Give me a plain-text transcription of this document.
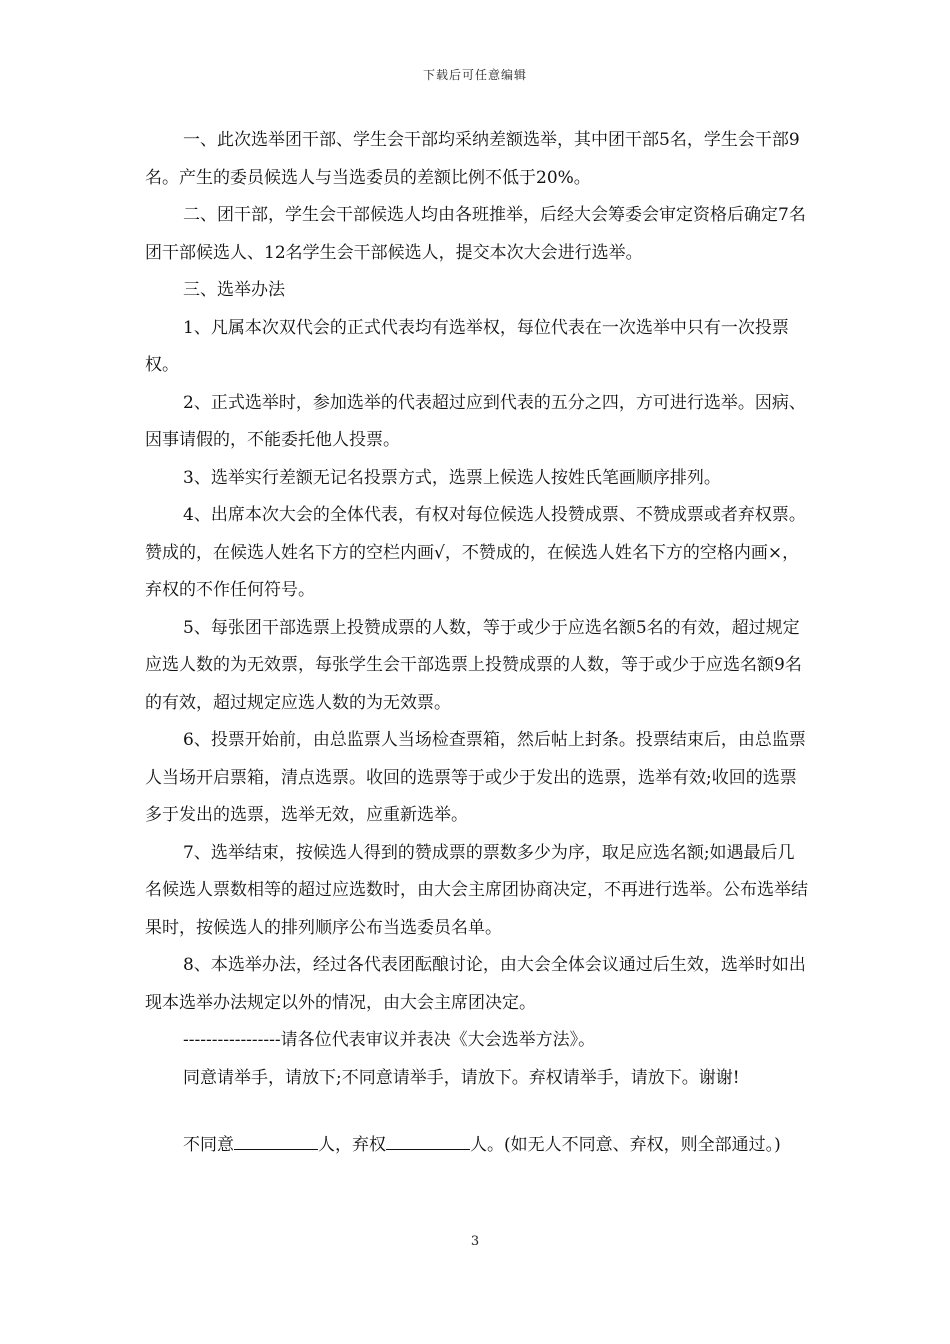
下载后可任意编辑

一、此次选举团干部、学生会干部均采纳差额选举，其中团干部5名，学生会干部9名。产生的委员候选人与当选委员的差额比例不低于20%。

二、团干部，学生会干部候选人均由各班推举，后经大会筹委会审定资格后确定7名团干部候选人、12名学生会干部候选人，提交本次大会进行选举。

三、选举办法

1、凡属本次双代会的正式代表均有选举权，每位代表在一次选举中只有一次投票权。

2、正式选举时，参加选举的代表超过应到代表的五分之四，方可进行选举。因病、因事请假的，不能委托他人投票。

3、选举实行差额无记名投票方式，选票上候选人按姓氏笔画顺序排列。

4、出席本次大会的全体代表，有权对每位候选人投赞成票、不赞成票或者弃权票。赞成的，在候选人姓名下方的空栏内画√，不赞成的，在候选人姓名下方的空格内画×，弃权的不作任何符号。

5、每张团干部选票上投赞成票的人数，等于或少于应选名额5名的有效，超过规定应选人数的为无效票，每张学生会干部选票上投赞成票的人数，等于或少于应选名额9名的有效，超过规定应选人数的为无效票。

6、投票开始前，由总监票人当场检查票箱，然后帖上封条。投票结束后，由总监票人当场开启票箱，清点选票。收回的选票等于或少于发出的选票，选举有效;收回的选票多于发出的选票，选举无效，应重新选举。

7、选举结束，按候选人得到的赞成票的票数多少为序，取足应选名额;如遇最后几名候选人票数相等的超过应选数时，由大会主席团协商决定，不再进行选举。公布选举结果时，按候选人的排列顺序公布当选委员名单。

8、本选举办法，经过各代表团酝酿讨论，由大会全体会议通过后生效，选举时如出现本选举办法规定以外的情况，由大会主席团决定。

-----------------请各位代表审议并表决《大会选举方法》。

同意请举手，请放下;不同意请举手，请放下。弃权请举手，请放下。谢谢!

不同意	人，弃权	人。(如无人不同意、弃权，则全部通过。)

3
